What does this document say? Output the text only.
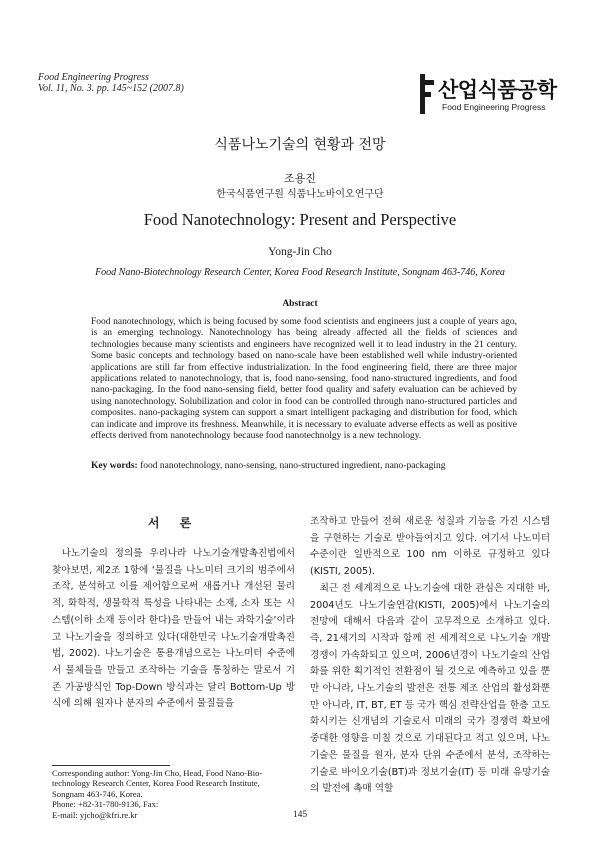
Food Engineering Progress
Vol. 11, No. 3. pp. 145~152 (2007.8)	산업식품공학
Food Engineering Progress
식품나노기술의 현황과 전망
조용진
한국식품연구원 식품나노바이오연구단
Food Nanotechnology: Present and Perspective
Yong-Jin Cho
Food Nano-Biotechnology Research Center, Korea Food Research Institute, Songnam 463-746, Korea
Abstract
Food nanotechnology, which is being focused by some food scientists and engineers just a couple of years ago, is an emerging technology. Nanotechnology has being already affected all the fields of sciences and technologies because many scientists and engineers have recognized well it to lead industry in the 21 century. Some basic concepts and technology based on nano-scale have been established well while industry-oriented applications are still far from effective industrialization. In the food engineering field, there are three major applications related to nanotechnology, that is, food nano-sensing, food nano-structured ingredients, and food nano-packaging. In the food nano-sensing field, better food quality and safety evaluation can be achieved by using nanotechnology. Solubilization and color in food can be controlled through nano-structured particles and composites. nano-packaging system can support a smart intelligent packaging and distribution for food, which can indicate and improve its freshness. Meanwhile, it is necessary to evaluate adverse effects as well as positive effects derived from nanotechnology because food nanotechnolgy is a new technology.
Key words: food nanotechnology, nano-sensing, nano-structured ingredient, nano-packaging
서 론

나노기술의 정의를 우리나라 나노기술개발촉진법에서 찾아보면, 제2조 1항에 ‘물질을 나노미터 크기의 범주에서 조작, 분석하고 이를 제어함으로써 새롭거나 개선된 물리적, 화학적, 생물학적 특성을 나타내는 소재, 소자 또는 시스템(이하 소재 등이라 한다)을 만들어 내는 과학기술’이라고 나노기술을 정의하고 있다(대한민국 나노기술개발촉진법, 2002). 나노기술은 통용개념으로는 나노미터 수준에서 물체들을 만들고 조작하는 기술을 통칭하는 말로서 기존 가공방식인 Top-Down 방식과는 달리 Bottom-Up 방식에 의해 원자나 분자의 수준에서 물질들을

조작하고 만들어 전혀 새로운 성질과 기능을 가진 시스템을 구현하는 기술로 받아들여지고 있다. 여기서 나노미터 수준이란 일반적으로 100 nm 이하로 규정하고 있다(KISTI, 2005).

최근 전 세계적으로 나노기술에 대한 관심은 지대한 바, 2004년도 나노기술연감(KISTI, 2005)에서 나노기술의 전망에 대해서 다음과 같이 고무적으로 소개하고 있다. 즉, 21세기의 시작과 함께 전 세계적으로 나노기술 개발 경쟁이 가속화되고 있으며, 2006년경이 나노기술의 산업화를 위한 획기적인 전환점이 될 것으로 예측하고 있을 뿐만 아니라, 나노기술의 발전은 전통 제조 산업의 활성화뿐만 아니라, IT, BT, ET 등 국가 핵심 전략산업을 한층 고도화시키는 신개념의 기술로서 미래의 국가 경쟁력 확보에 중대한 영향을 미칠 것으로 기대된다고 적고 있으며, 나노기술은 물질을 원자, 분자 단위 수준에서 분석, 조작하는 기술로 바이오기술(BT)과 정보기술(IT) 등 미래 유망기술의 발전에 촉매 역할

Corresponding author: Yong-Jin Cho, Head, Food Nano-Bio-
technology Research Center, Korea Food Research Institute,
Songnam 463-746, Korea.
Phone: +82-31-780-9136, Fax:
E-mail: yjcho@kfri.re.kr	145
